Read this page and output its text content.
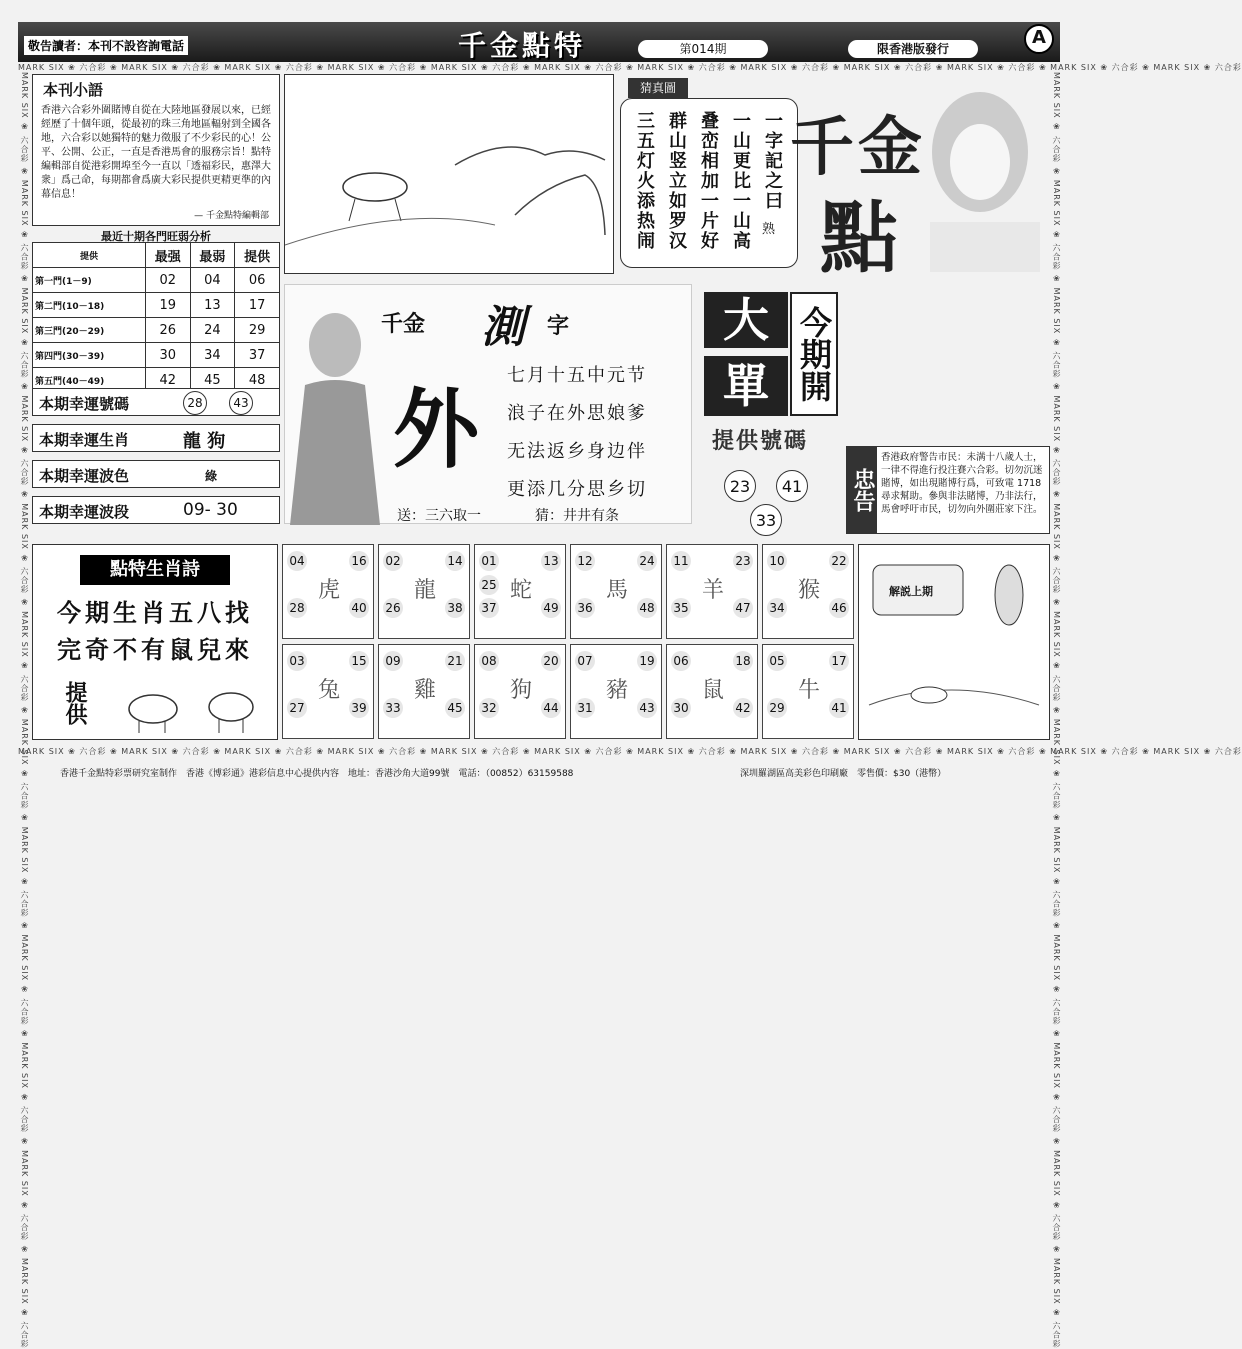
敬告讀者：本刊不設咨詢電話	千金點特	第014期	限香港版發行
A
MARK SIX ❀ 六合彩 ❀ MARK SIX ❀ 六合彩 ❀ MARK SIX ❀ 六合彩 ❀ MARK SIX ❀ 六合彩 ❀ MARK SIX ❀ 六合彩 ❀ MARK SIX ❀ 六合彩 ❀ MARK SIX ❀ 六合彩 ❀ MARK SIX ❀ 六合彩 ❀ MARK SIX ❀ 六合彩 ❀ MARK SIX ❀ 六合彩 ❀ MARK SIX ❀ 六合彩 ❀ MARK SIX ❀ 六合彩
MARK SIX ❀ 六合彩 ❀ MARK SIX ❀ 六合彩 ❀ MARK SIX ❀ 六合彩 ❀ MARK SIX ❀ 六合彩 ❀ MARK SIX ❀ 六合彩 ❀ MARK SIX ❀ 六合彩 ❀ MARK SIX ❀ 六合彩 ❀ MARK SIX ❀ 六合彩 ❀ MARK SIX ❀ 六合彩 ❀ MARK SIX ❀ 六合彩 ❀ MARK SIX ❀ 六合彩 ❀ MARK SIX ❀ 六合彩
MARK SIX ❀ 六合彩 ❀ MARK SIX ❀ 六合彩 ❀ MARK SIX ❀ 六合彩 ❀ MARK SIX ❀ 六合彩 ❀ MARK SIX ❀ 六合彩 ❀ MARK SIX ❀ 六合彩 ❀ MARK SIX ❀ 六合彩 ❀ MARK SIX ❀ 六合彩 ❀ MARK SIX ❀ 六合彩 ❀ MARK SIX ❀ 六合彩 ❀ MARK SIX ❀ 六合彩 ❀ MARK SIX ❀ 六合彩	MARK SIX ❀ 六合彩 ❀ MARK SIX ❀ 六合彩 ❀ MARK SIX ❀ 六合彩 ❀ MARK SIX ❀ 六合彩 ❀ MARK SIX ❀ 六合彩 ❀ MARK SIX ❀ 六合彩 ❀ MARK SIX ❀ 六合彩 ❀ MARK SIX ❀ 六合彩 ❀ MARK SIX ❀ 六合彩 ❀ MARK SIX ❀ 六合彩 ❀ MARK SIX ❀ 六合彩 ❀ MARK SIX ❀ 六合彩
本刊小語

香港六合彩外圍賭博自從在大陸地區發展以來，已經經歷了十個年頭，從最初的珠三角地區輻射到全國各地，六合彩以她獨特的魅力徵服了不少彩民的心！公平、公開、公正，一直是香港馬會的服務宗旨！點特編輯部自從港彩開埠至今一直以「透福彩民，惠澤大衆」爲己命，每期都會爲廣大彩民提供更精更準的內幕信息！

— 千金點特編輯部
最近十期各門旺弱分析
提供	最强	最弱	提供
第一門(1－9)	02	04	06
第二門(10－18)	19	13	17
第三門(20－29)	26	24	29
第四門(30－39)	30	34	37
第五門(40－49)	42	45	48
本期幸運號碼	28	43
本期幸運生肖	龍 狗
本期幸運波色	綠
本期幸運波段	09- 30
點特生肖詩
今期生肖五八找
完奇不有鼠兒來
提供
一字記之曰
一山更比一山高
叠峦相加一片好
群山竖立如罗汉
三五灯火添热闹	熟
猜真圖
千金
點
千金 測 字
外
七月十五中元节
浪子在外思娘爹
无法返乡身边伴
更添几分思乡切
送：三六取一	猜：井井有条
大
單 今期開
提供號碼
23	41
33
忠告
香港政府警告市民：未满十八歲人士，一律不得進行投注賽六合彩。切勿沉迷賭博，如出現賭博行爲，可致電 1718 尋求幫助。參與非法賭博，乃非法行，馬會呼吁市民，切勿向外圍莊家下注。
04	16
28	40
虎
02	14
26	38
龍
01	13
25
37	49
蛇
12	24
36	48
馬
11	23
35	47
羊
10	22
34	46
猴
03	15
27	39
兔
09	21
33	45
雞
08	20
32	44
狗
07	19
31	43
豬
06	18
30	42
鼠
05	17
29	41
牛
解説上期
香港千金點特彩票研究室制作　香港《博彩通》港彩信息中心提供内容　地址：香港沙角大道99號　電話：（00852）63159588	深圳羅湖區高美彩色印刷廠　零售價：$30（港幣）
